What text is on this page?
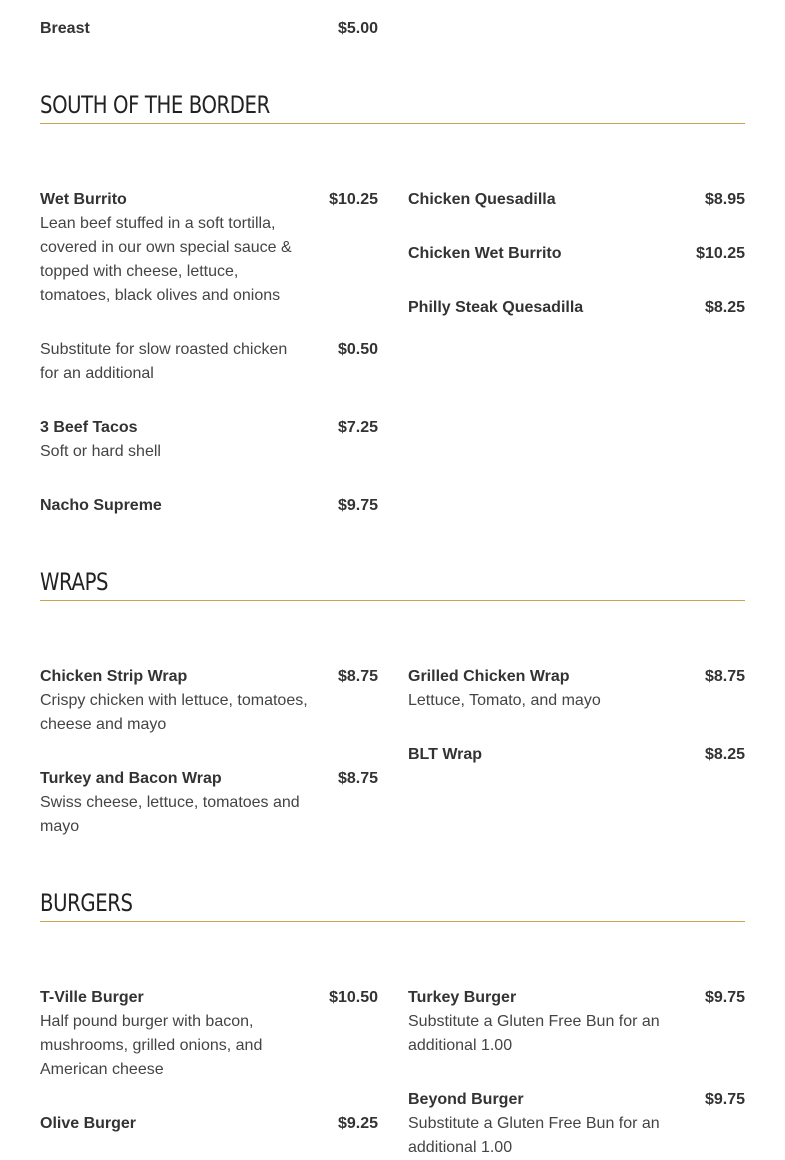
Breast	$5.00
SOUTH OF THE BORDER
Wet Burrito	$10.25
Lean beef stuffed in a soft tortilla, covered in our own special sauce & topped with cheese, lettuce, tomatoes, black olives and onions
Substitute for slow roasted chicken for an additional
$0.50
3 Beef Tacos	$7.25
Soft or hard shell
Nacho Supreme	$9.75
Chicken Quesadilla	$8.95
Chicken Wet Burrito	$10.25
Philly Steak Quesadilla	$8.25
WRAPS
Chicken Strip Wrap	$8.75
Crispy chicken with lettuce, tomatoes, cheese and mayo
Turkey and Bacon Wrap	$8.75
Swiss cheese, lettuce, tomatoes and mayo
Grilled Chicken Wrap	$8.75
Lettuce, Tomato, and mayo
BLT Wrap	$8.25
BURGERS
T-Ville Burger	$10.50
Half pound burger with bacon, mushrooms, grilled onions, and American cheese
Olive Burger	$9.25
Turkey Burger	$9.75
Substitute a Gluten Free Bun for an additional 1.00
Beyond Burger	$9.75
Substitute a Gluten Free Bun for an additional 1.00
